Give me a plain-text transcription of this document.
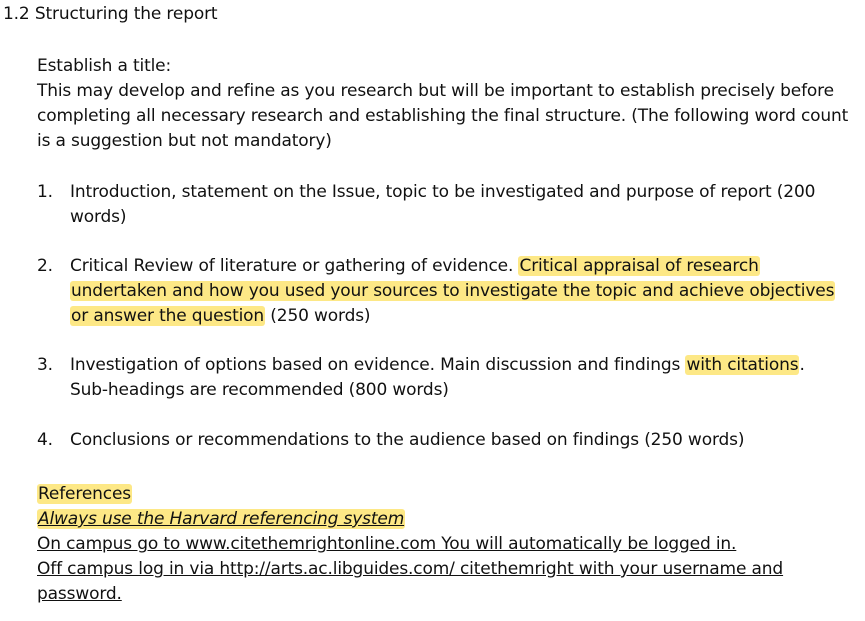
1.2 Structuring the report

Establish a title:

This may develop and refine as you research but will be important to establish precisely before completing all necessary research and establishing the final structure. (The following word count is a suggestion but not mandatory)

1.	Introduction, statement on the Issue, topic to be investigated and purpose of report (200 words)
2.	Critical Review of literature or gathering of evidence. Critical appraisal of research undertaken and how you used your sources to investigate the topic and achieve objectives or answer the question (250 words)
3.	Investigation of options based on evidence. Main discussion and findings with citations. Sub-headings are recommended (800 words)
4.	Conclusions or recommendations to the audience based on findings (250 words)
References
Always use the Harvard referencing system
On campus go to www.citethemrightonline.com You will automatically be logged in.
Off campus log in via http://arts.ac.libguides.com/ citethemright with your username and password.
